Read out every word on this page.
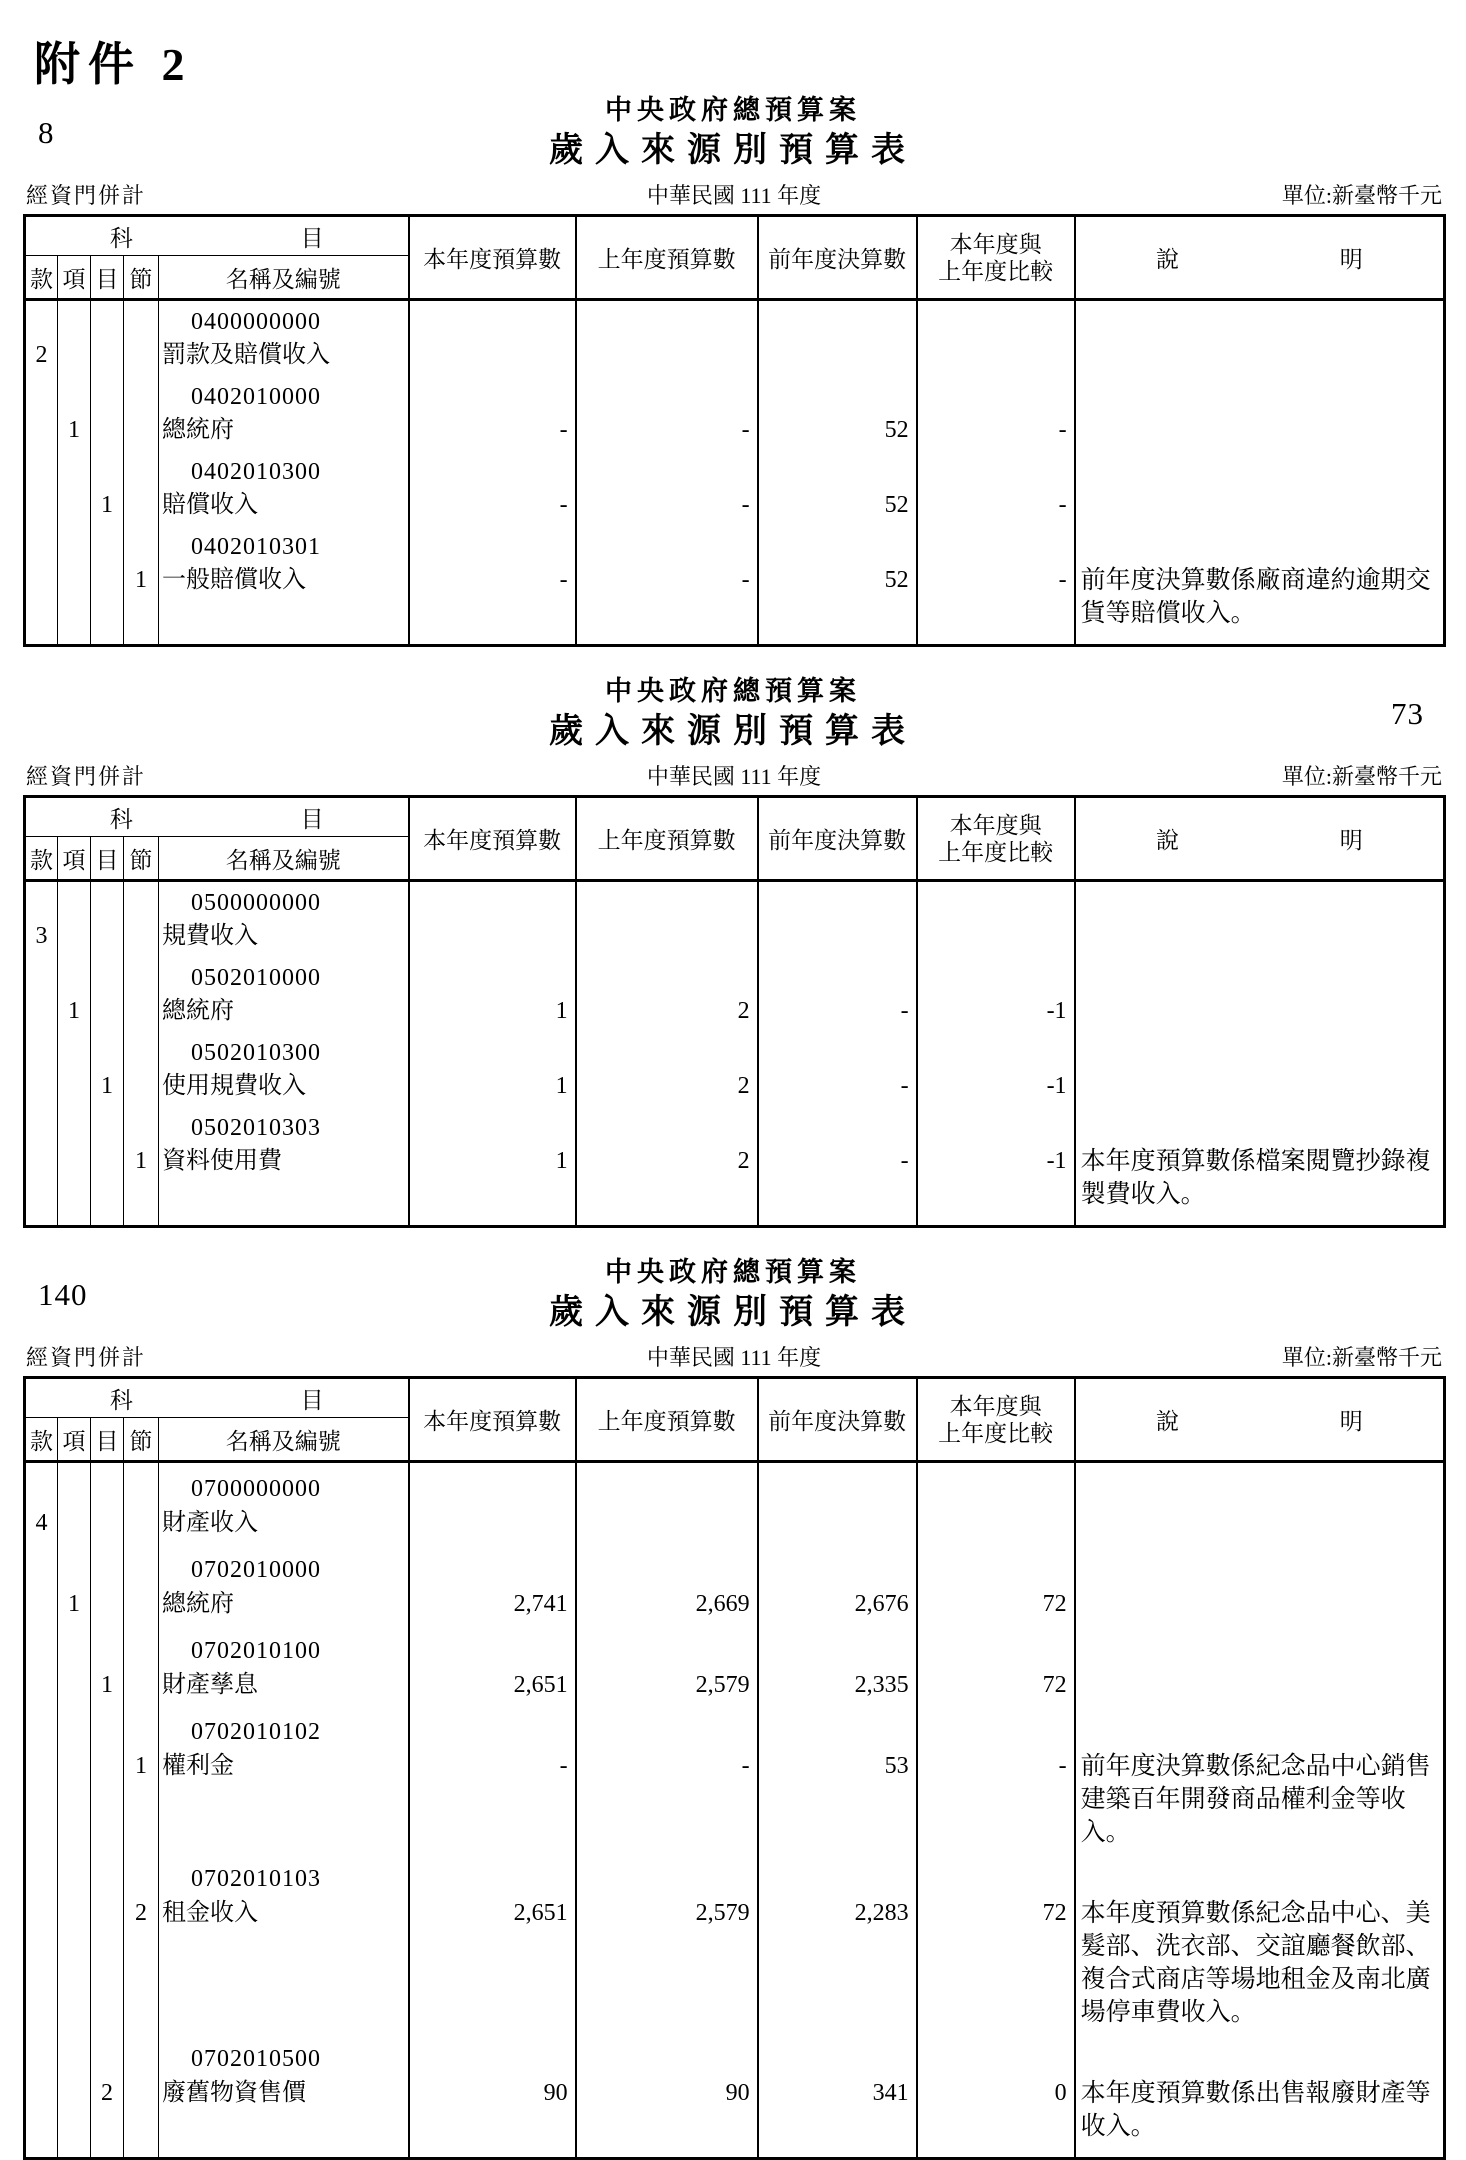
附件 2
8
中央政府總預算案
歲入來源別預算表
經資門併計	中華民國 111 年度	單位:新臺幣千元
科	目
	本年度預算數	上年度預算數	前年度決算數	
本年度與
上年度比較	說	明

款	項	目	節	名稱及編號					

2				0400000000
罰款及賠償收入					

	1			0402010000
總統府	-	-	52	-	

		1		0402010300
賠償收入	-	-	52	-	

			1	0402010301
一般賠償收入	-	-	52	-	前年度決算數係廠商違約逾期交貨等賠償收入。
73
中央政府總預算案
歲入來源別預算表
經資門併計	中華民國 111 年度	單位:新臺幣千元
科	目
	本年度預算數	上年度預算數	前年度決算數	
本年度與
上年度比較	說	明

款	項	目	節	名稱及編號					

3				0500000000
規費收入					

	1			0502010000
總統府	1	2	-	-1	

		1		0502010300
使用規費收入	1	2	-	-1	

			1	0502010303
資料使用費	1	2	-	-1	本年度預算數係檔案閱覽抄錄複製費收入。
140
中央政府總預算案
歲入來源別預算表
經資門併計	中華民國 111 年度	單位:新臺幣千元
科	目
	本年度預算數	上年度預算數	前年度決算數	
本年度與
上年度比較	說	明

款	項	目	節	名稱及編號					

4				0700000000
財產收入					

	1			0702010000
總統府	2,741	2,669	2,676	72	

		1		0702010100
財產孳息	2,651	2,579	2,335	72	

			1	0702010102
權利金	-	-	53	-	前年度決算數係紀念品中心銷售建築百年開發商品權利金等收入。

			2	0702010103
租金收入	2,651	2,579	2,283	72	本年度預算數係紀念品中心、美髮部、洗衣部、交誼廳餐飲部、複合式商店等場地租金及南北廣場停車費收入。

		2		0702010500
廢舊物資售價	90	90	341	0	本年度預算數係出售報廢財產等收入。
